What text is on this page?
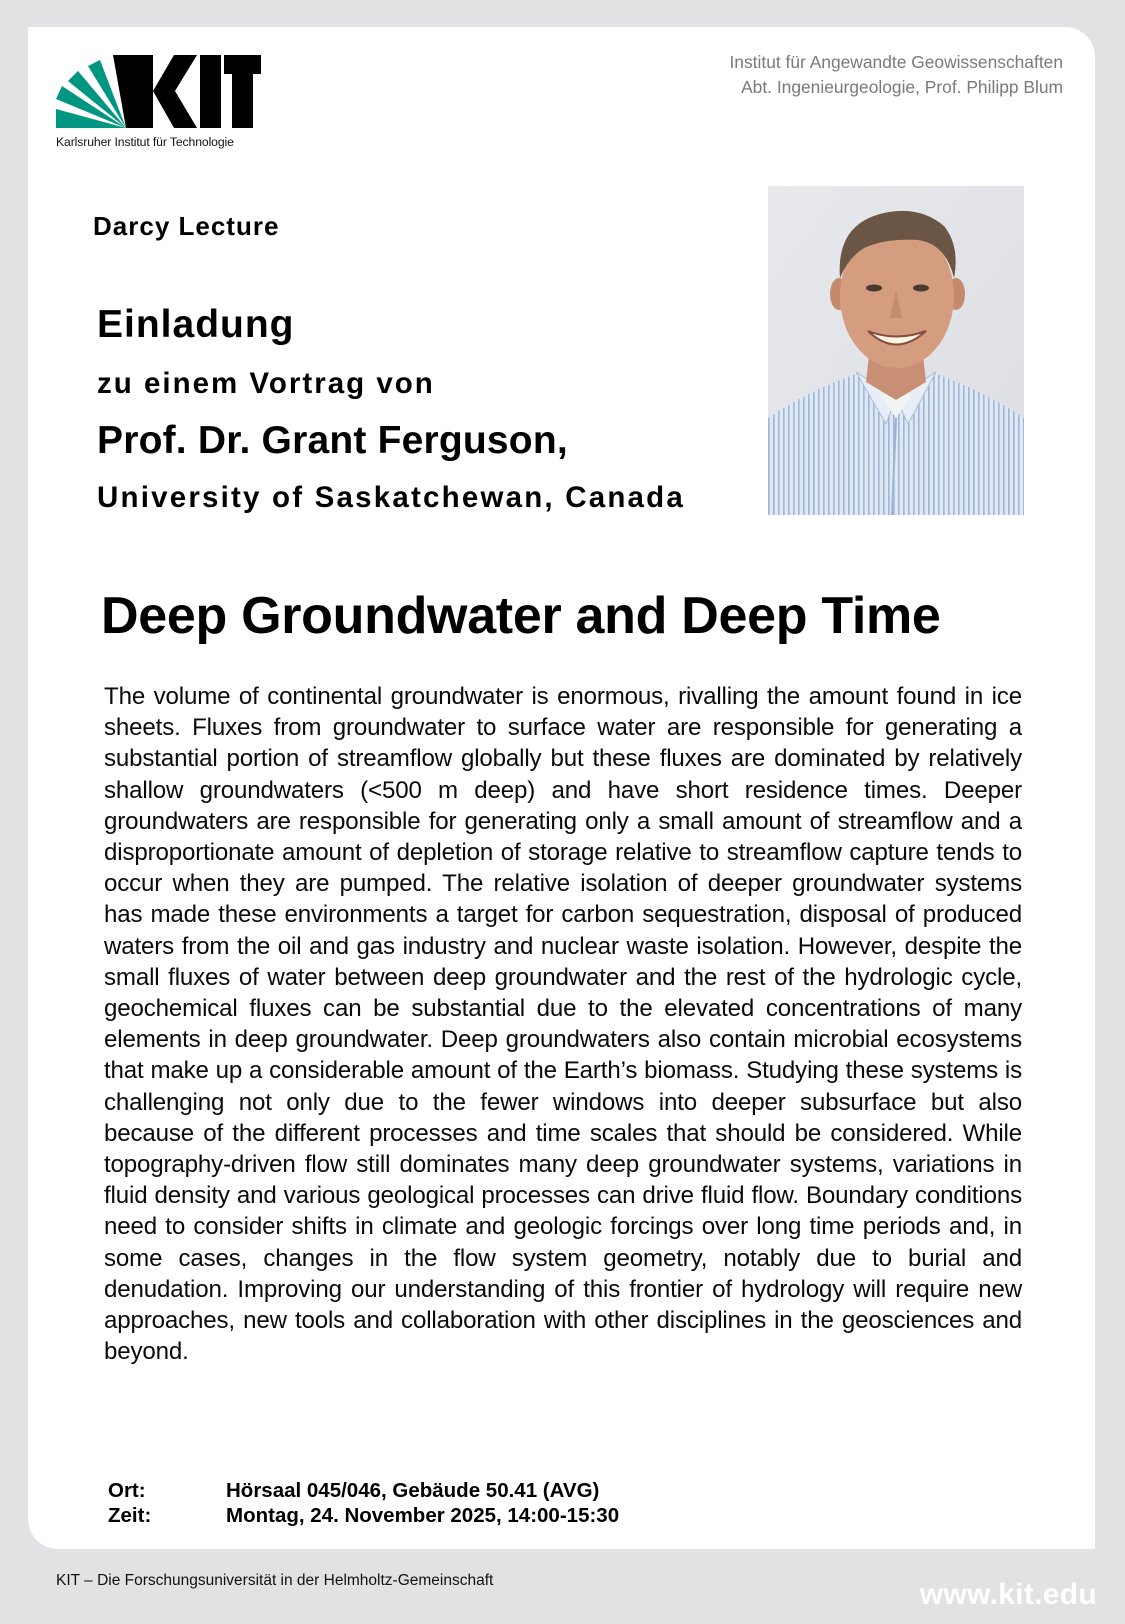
Karlsruher Institut für Technologie
Institut für Angewandte Geowissenschaften
Abt. Ingenieurgeologie, Prof. Philipp Blum
Darcy Lecture
Einladung
zu einem Vortrag von
Prof. Dr. Grant Ferguson,
University of Saskatchewan, Canada
Deep Groundwater and Deep Time
The volume of continental groundwater is enormous, rivalling the amount found in ice sheets. Fluxes from groundwater to surface water are responsible for generating a substantial portion of streamflow globally but these fluxes are dominated by relatively shallow groundwaters (<500 m deep) and have short residence times. Deeper groundwaters are responsible for generating only a small amount of streamflow and a disproportionate amount of depletion of storage relative to streamflow capture tends to occur when they are pumped. The relative isolation of deeper groundwater systems has made these environments a target for carbon sequestration, disposal of produced waters from the oil and gas industry and nuclear waste isolation. However, despite the small fluxes of water between deep groundwater and the rest of the hydrologic cycle, geochemical fluxes can be substantial due to the elevated concentrations of many elements in deep groundwater. Deep groundwaters also contain microbial ecosystems that make up a considerable amount of the Earth’s biomass. Studying these systems is challenging not only due to the fewer windows into deeper subsurface but also because of the different processes and time scales that should be considered. While topography-driven flow still dominates many deep groundwater systems, variations in fluid density and various geological processes can drive fluid flow. Boundary conditions need to consider shifts in climate and geologic forcings over long time periods and, in some cases, changes in the flow system geometry, notably due to burial and denudation. Improving our understanding of this frontier of hydrology will require new approaches, new tools and collaboration with other disciplines in the geosciences and beyond.
Ort:	Hörsaal 045/046, Gebäude 50.41 (AVG)
Zeit:	Montag, 24. November 2025, 14:00-15:30
KIT – Die Forschungsuniversität in der Helmholtz-Gemeinschaft	www.kit.edu
